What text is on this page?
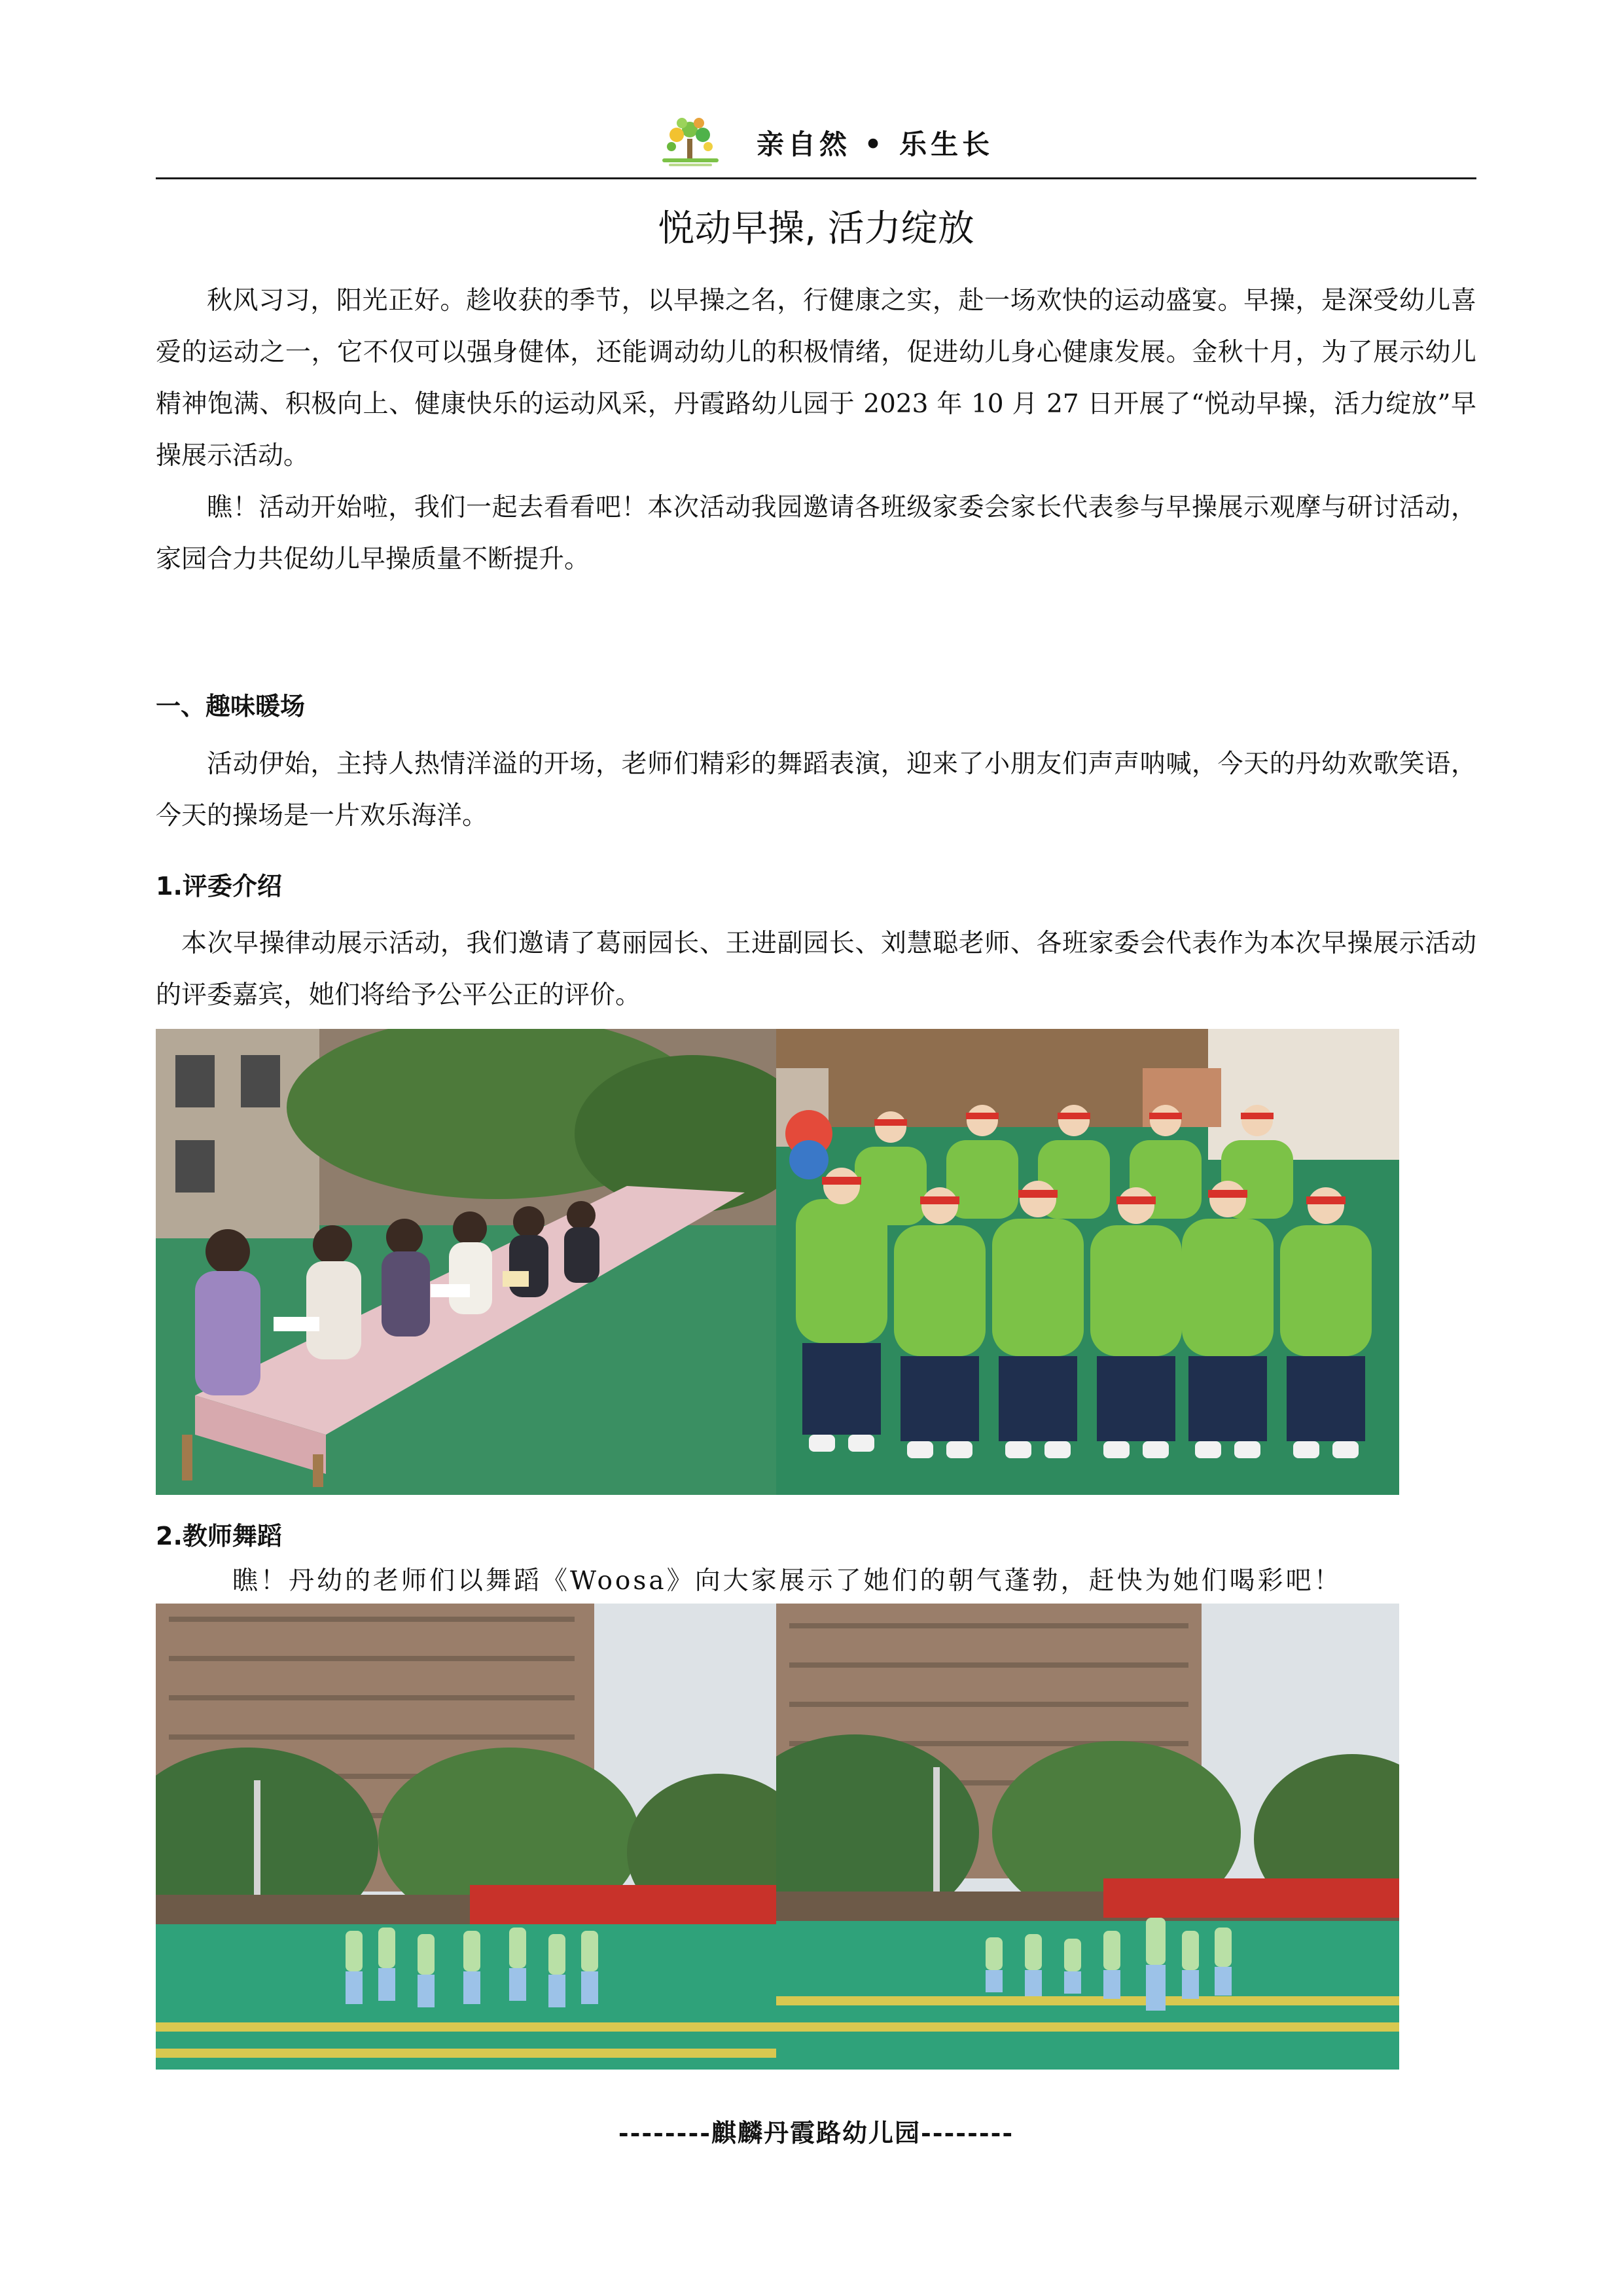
亲自然 • 乐生长
悦动早操, 活力绽放

秋风习习，阳光正好。趁收获的季节，以早操之名，行健康之实，赴一场欢快的运动盛宴。早操，是深受幼儿喜爱的运动之一，它不仅可以强身健体，还能调动幼儿的积极情绪，促进幼儿身心健康发展。金秋十月，为了展示幼儿精神饱满、积极向上、健康快乐的运动风采，丹霞路幼儿园于 2023 年 10 月 27 日开展了“悦动早操，活力绽放”早操展示活动。

瞧！活动开始啦，我们一起去看看吧！本次活动我园邀请各班级家委会家长代表参与早操展示观摩与研讨活动，家园合力共促幼儿早操质量不断提升。

一、趣味暖场

活动伊始，主持人热情洋溢的开场，老师们精彩的舞蹈表演，迎来了小朋友们声声呐喊，今天的丹幼欢歌笑语，今天的操场是一片欢乐海洋。

1.评委介绍

本次早操律动展示活动，我们邀请了葛丽园长、王进副园长、刘慧聪老师、各班家委会代表作为本次早操展示活动的评委嘉宾，她们将给予公平公正的评价。

2.教师舞蹈

瞧！丹幼的老师们以舞蹈《Woosa》向大家展示了她们的朝气蓬勃，赶快为她们喝彩吧！

--------麒麟丹霞路幼儿园--------
